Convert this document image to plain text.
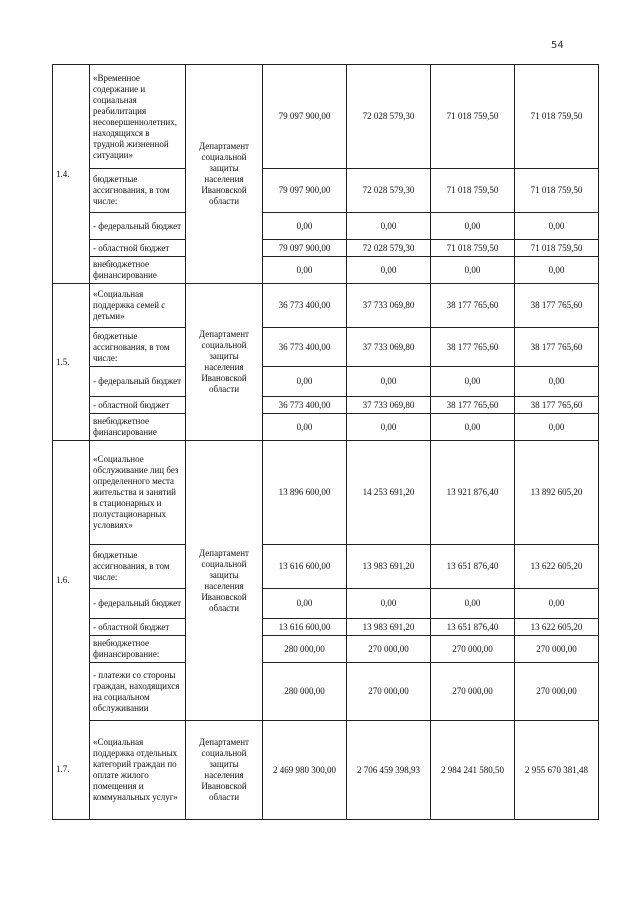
54
1.4.	«Временное содержание и социальная реабилитация несовершеннолетних, находящихся в трудной жизненной ситуации»	Департамент социальной защиты населения Ивановской области	79 097 900,00	72 028 579,30	71 018 759,50	71 018 759,50
	бюджетные ассигнования, в том числе:		79 097 900,00	72 028 579,30	71 018 759,50	71 018 759,50
	- федеральный бюджет		0,00	0,00	0,00	0,00
	- областной бюджет		79 097 900,00	72 028 579,30	71 018 759,50	71 018 759,50
	внебюджетное финансирование		0,00	0,00	0,00	0,00
1.5.	«Социальная поддержка семей с детьми»	Департамент социальной защиты населения Ивановской области	36 773 400,00	37 733 069,80	38 177 765,60	38 177 765,60
	бюджетные ассигнования, в том числе:		36 773 400,00	37 733 069,80	38 177 765,60	38 177 765,60
	- федеральный бюджет		0,00	0,00	0,00	0,00
	- областной бюджет		36 773 400,00	37 733 069,80	38 177 765,60	38 177 765,60
	внебюджетное финансирование		0,00	0,00	0,00	0,00
1.6.	«Социальное обслуживание лиц без определенного места жительства и занятий в стационарных и полустационарных условиях»	Департамент социальной защиты населения Ивановской области	13 896 600,00	14 253 691,20	13 921 876,40	13 892 605,20
	бюджетные ассигнования, в том числе:		13 616 600,00	13 983 691,20	13 651 876,40	13 622 605,20
	- федеральный бюджет		0,00	0,00	0,00	0,00
	- областной бюджет		13 616 600,00	13 983 691,20	13 651 876,40	13 622 605,20
	внебюджетное финансирование:		280 000,00	270 000,00	270 000,00	270 000,00
	- платежи со стороны граждан, находящихся на социальном обслуживании		280 000,00	270 000,00	270 000,00	270 000,00
1.7.	«Социальная поддержка отдельных категорий граждан по оплате жилого помещения и коммунальных услуг»	Департамент социальной защиты населения Ивановской области	2 469 980 300,00	2 706 459 398,93	2 984 241 580,50	2 955 670 381,48
